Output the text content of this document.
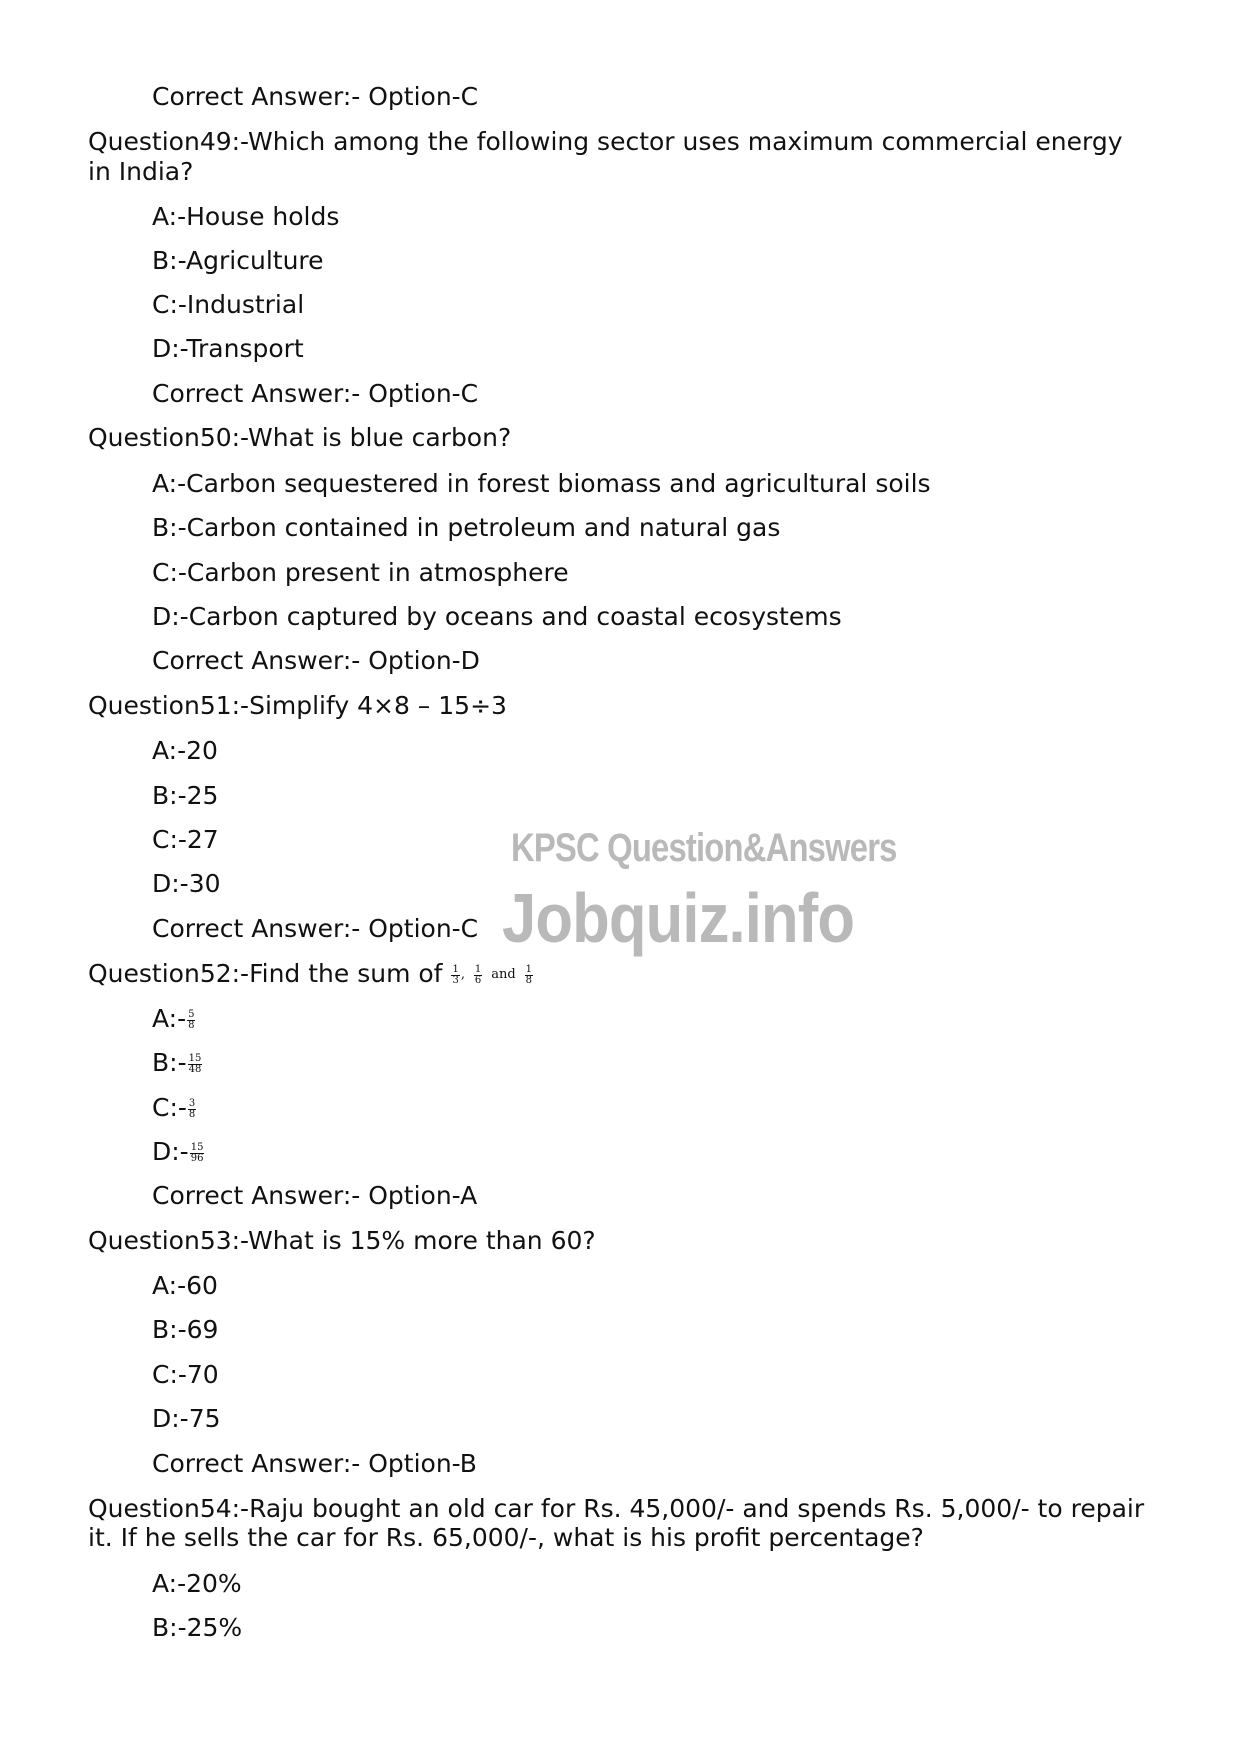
Correct Answer:- Option-C

Question49:-Which among the following sector uses maximum commercial energy

in India?

A:-House holds

B:-Agriculture

C:-Industrial

D:-Transport

Correct Answer:- Option-C

Question50:-What is blue carbon?

A:-Carbon sequestered in forest biomass and agricultural soils

B:-Carbon contained in petroleum and natural gas

C:-Carbon present in atmosphere

D:-Carbon captured by oceans and coastal ecosystems

Correct Answer:- Option-D

Question51:-Simplify 4×8 – 15÷3

A:-20

B:-25

C:-27

D:-30

Correct Answer:- Option-C

Question52:-Find the sum of $\frac{1}{3}$ , $\frac{1}{6}$ and $\frac{1}{8}$

A:- $\frac{5}{8}$

B:- $\frac{15}{48}$

C:- $\frac{3}{8}$

D:- $\frac{15}{96}$

Correct Answer:- Option-A

Question53:-What is 15% more than 60?

A:-60

B:-69

C:-70

D:-75

Correct Answer:- Option-B

Question54:-Raju bought an old car for Rs. 45,000/- and spends Rs. 5,000/- to repair

it. If he sells the car for Rs. 65,000/-, what is his profit percentage?

A:-20%

B:-25%

KPSC Question&Answers

Jobquiz.info
